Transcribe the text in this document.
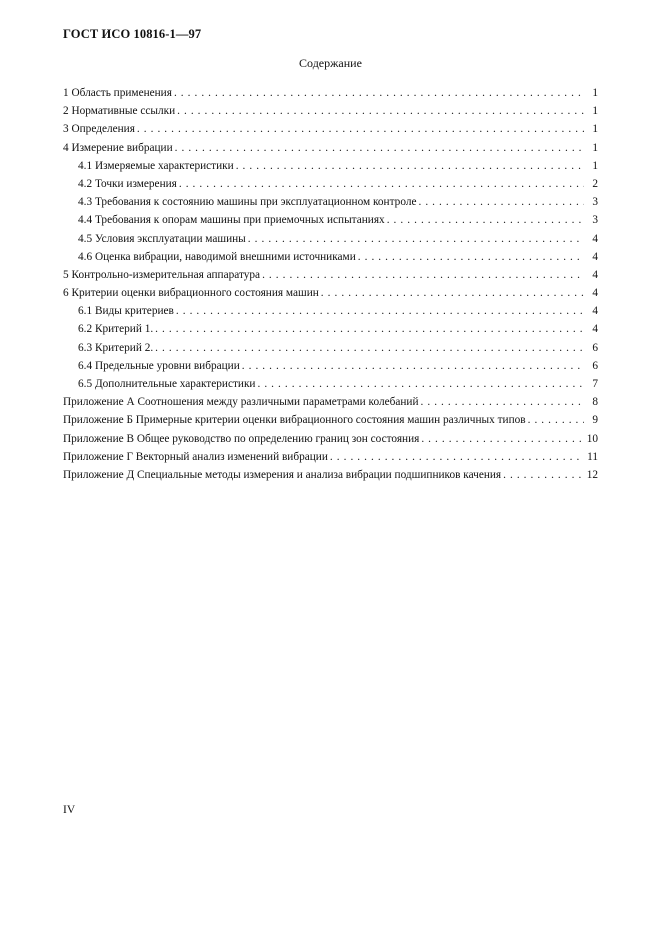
ГОСТ ИСО 10816-1—97
Содержание
1 Область применения . . .	1
2 Нормативные ссылки . . .	1
3 Определения . . .	1
4 Измерение вибрации . . .	1
4.1 Измеряемые характеристики . . .	1
4.2 Точки измерения . . .	2
4.3 Требования к состоянию машины при эксплуатационном контроле . . .	3
4.4 Требования к опорам машины при приемочных испытаниях . . .	3
4.5 Условия эксплуатации машины . . .	4
4.6 Оценка вибрации, наводимой внешними источниками . . .	4
5 Контрольно-измерительная аппаратура . . .	4
6 Критерии оценки вибрационного состояния машин . . .	4
6.1 Виды критериев . . .	4
6.2 Критерий 1. . . .	4
6.3 Критерий 2. . . .	6
6.4 Предельные уровни вибрации . . .	6
6.5 Дополнительные характеристики . . .	7
Приложение А Соотношения между различными параметрами колебаний . . .	8
Приложение Б Примерные критерии оценки вибрационного состояния машин различных типов . . .	9
Приложение В Общее руководство по определению границ зон состояния . . .	10
Приложение Г Векторный анализ изменений вибрации . . .	11
Приложение Д Специальные методы измерения и анализа вибрации подшипников качения . . .	12
IV
